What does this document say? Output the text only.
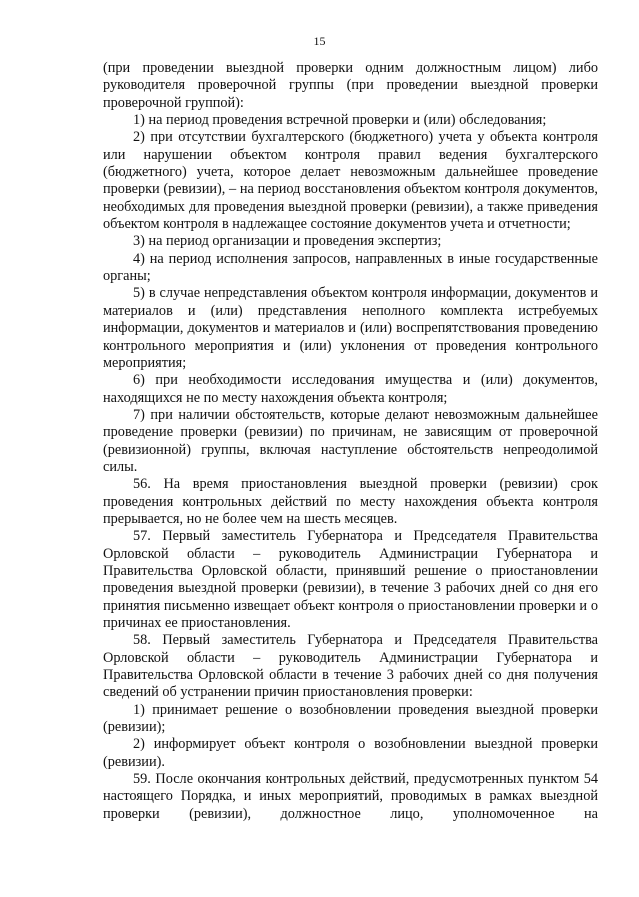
15

(при проведении выездной проверки одним должностным лицом) либо руководителя проверочной группы (при проведении выездной проверки проверочной группой):

1) на период проведения встречной проверки и (или) обследования;

2) при отсутствии бухгалтерского (бюджетного) учета у объекта контроля или нарушении объектом контроля правил ведения бухгалтерского (бюджетного) учета, которое делает невозможным дальнейшее проведение проверки (ревизии), – на период восстановления объектом контроля документов, необходимых для проведения выездной проверки (ревизии), а также приведения объектом контроля в надлежащее состояние документов учета и отчетности;

3) на период организации и проведения экспертиз;

4) на период исполнения запросов, направленных в иные государственные органы;

5) в случае непредставления объектом контроля информации, документов и материалов и (или) представления неполного комплекта истребуемых информации, документов и материалов и (или) воспрепятствования проведению контрольного мероприятия и (или) уклонения от проведения контрольного мероприятия;

6) при необходимости исследования имущества и (или) документов, находящихся не по месту нахождения объекта контроля;

7) при наличии обстоятельств, которые делают невозможным дальнейшее проведение проверки (ревизии) по причинам, не зависящим от проверочной (ревизионной) группы, включая наступление обстоятельств непреодолимой силы.

56. На время приостановления выездной проверки (ревизии) срок проведения контрольных действий по месту нахождения объекта контроля прерывается, но не более чем на шесть месяцев.

57. Первый заместитель Губернатора и Председателя Правительства Орловской области – руководитель Администрации Губернатора и Правительства Орловской области, принявший решение о приостановлении проведения выездной проверки (ревизии), в течение 3 рабочих дней со дня его принятия письменно извещает объект контроля о приостановлении проверки и о причинах ее приостановления.

58. Первый заместитель Губернатора и Председателя Правительства Орловской области – руководитель Администрации Губернатора и Правительства Орловской области в течение 3 рабочих дней со дня получения сведений об устранении причин приостановления проверки:

1) принимает решение о возобновлении проведения выездной проверки (ревизии);

2) информирует объект контроля о возобновлении выездной проверки (ревизии).

59. После окончания контрольных действий, предусмотренных пунктом 54 настоящего Порядка, и иных мероприятий, проводимых в рамках выездной проверки (ревизии), должностное лицо, уполномоченное на
